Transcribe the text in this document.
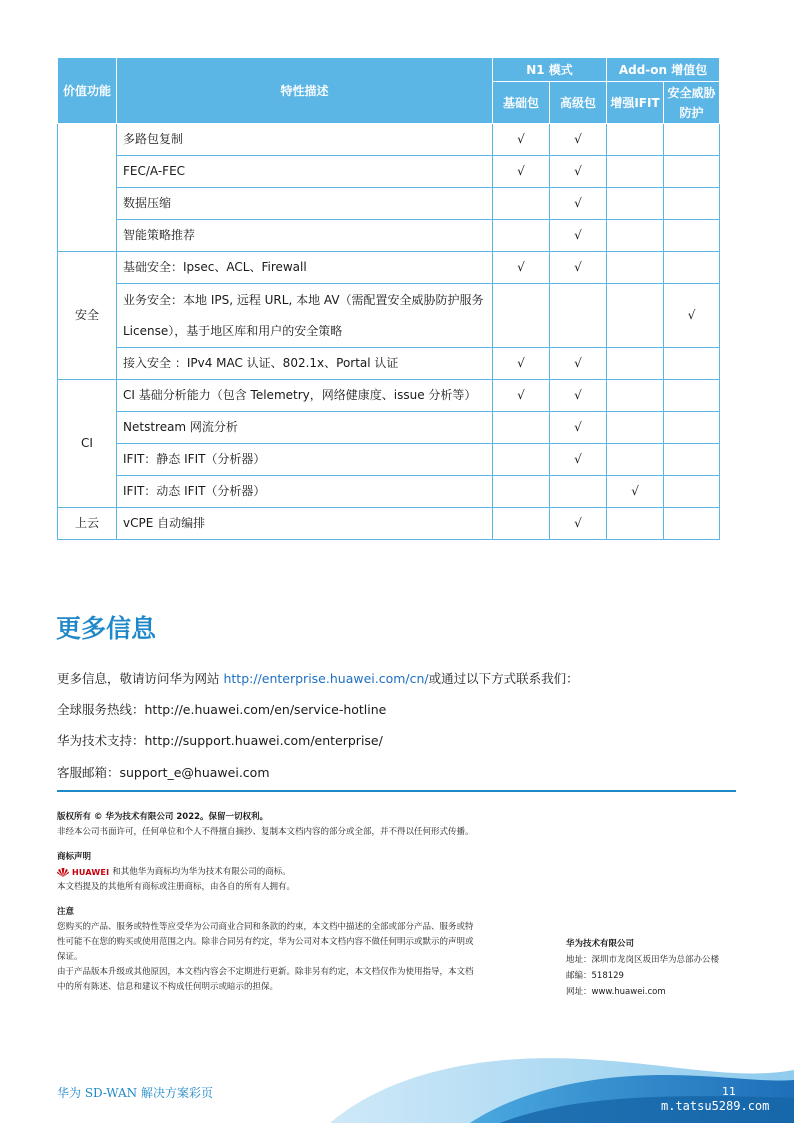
价值功能	特性描述	N1 模式		Add-on 增值包	
		基础包	高级包	增强IFIT	安全威胁防护
	多路包复制	√	√		
	FEC/A-FEC	√	√		
	数据压缩		√		
	智能策略推荐		√		
安全	基础安全：Ipsec、ACL、Firewall	√	√		
	业务安全：本地 IPS, 远程 URL, 本地 AV（需配置安全威胁防护服务License），基于地区库和用户的安全策略				√
	接入安全 ：IPv4 MAC 认证、802.1x、Portal 认证	√	√		
CI	CI 基础分析能力（包含 Telemetry，网络健康度、issue 分析等）	√	√		
	Netstream 网流分析		√		
	IFIT：静态 IFIT（分析器）		√		
	IFIT：动态 IFIT（分析器）			√	
上云	vCPE 自动编排		√		
更多信息
更多信息，敬请访问华为网站 http://enterprise.huawei.com/cn/或通过以下方式联系我们：
全球服务热线：http://e.huawei.com/en/service-hotline
华为技术支持：http://support.huawei.com/enterprise/
客服邮箱：support_e@huawei.com

版权所有 © 华为技术有限公司 2022。保留一切权利。

非经本公司书面许可，任何单位和个人不得擅自摘抄、复制本文档内容的部分或全部，并不得以任何形式传播。

商标声明

HUAWEI 和其他华为商标均为华为技术有限公司的商标。

本文档提及的其他所有商标或注册商标，由各自的所有人拥有。

注意

您购买的产品、服务或特性等应受华为公司商业合同和条款的约束，本文档中描述的全部或部分产品、服务或特

性可能不在您的购买或使用范围之内。除非合同另有约定，华为公司对本文档内容不做任何明示或默示的声明或

保证。

由于产品版本升级或其他原因，本文档内容会不定期进行更新。除非另有约定，本文档仅作为使用指导，本文档

中的所有陈述、信息和建议不构成任何明示或暗示的担保。

华为技术有限公司

地址：深圳市龙岗区坂田华为总部办公楼

邮编：518129

网址：www.huawei.com

华为 SD-WAN 解决方案彩页	11
m.tatsu5289.com
